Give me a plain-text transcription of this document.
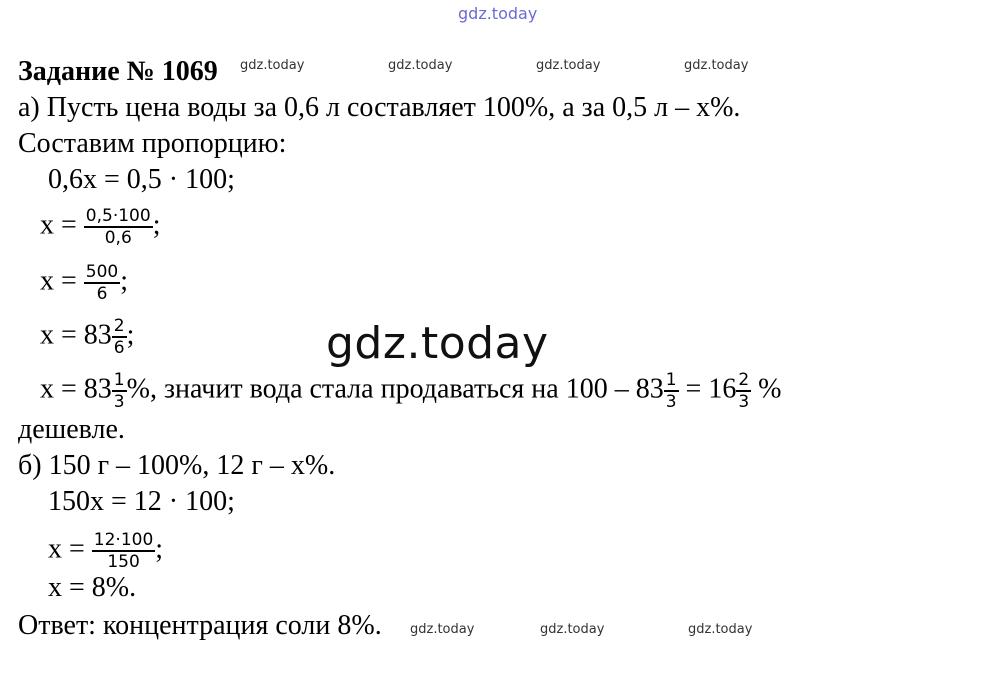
gdz.today
gdz.today	gdz.today	gdz.today	gdz.today
gdz.today
gdz.today	gdz.today	gdz.today
Задание № 1069
а) Пусть цена воды за 0,6 л составляет 100%, а за 0,5 л – х%.
Составим пропорцию:
0,6х = 0,5 · 100;
$х = \frac{0,5\cdot 100}{0,6}$ ;
$х = \frac{500}{6}$ ;
$х = 83 \frac{2}{6}$ ;
$х = 83 \frac{1}{3}$ %, значит вода стала продаваться на $100 - 83 \frac{1}{3} = 16 \frac{2}{3}$ %
дешевле.
б) 150 г – 100%, 12 г – х%.
150х = 12 · 100;
$х = \frac{12\cdot 100}{150}$ ;
х = 8%.
Ответ: концентрация соли 8%.
